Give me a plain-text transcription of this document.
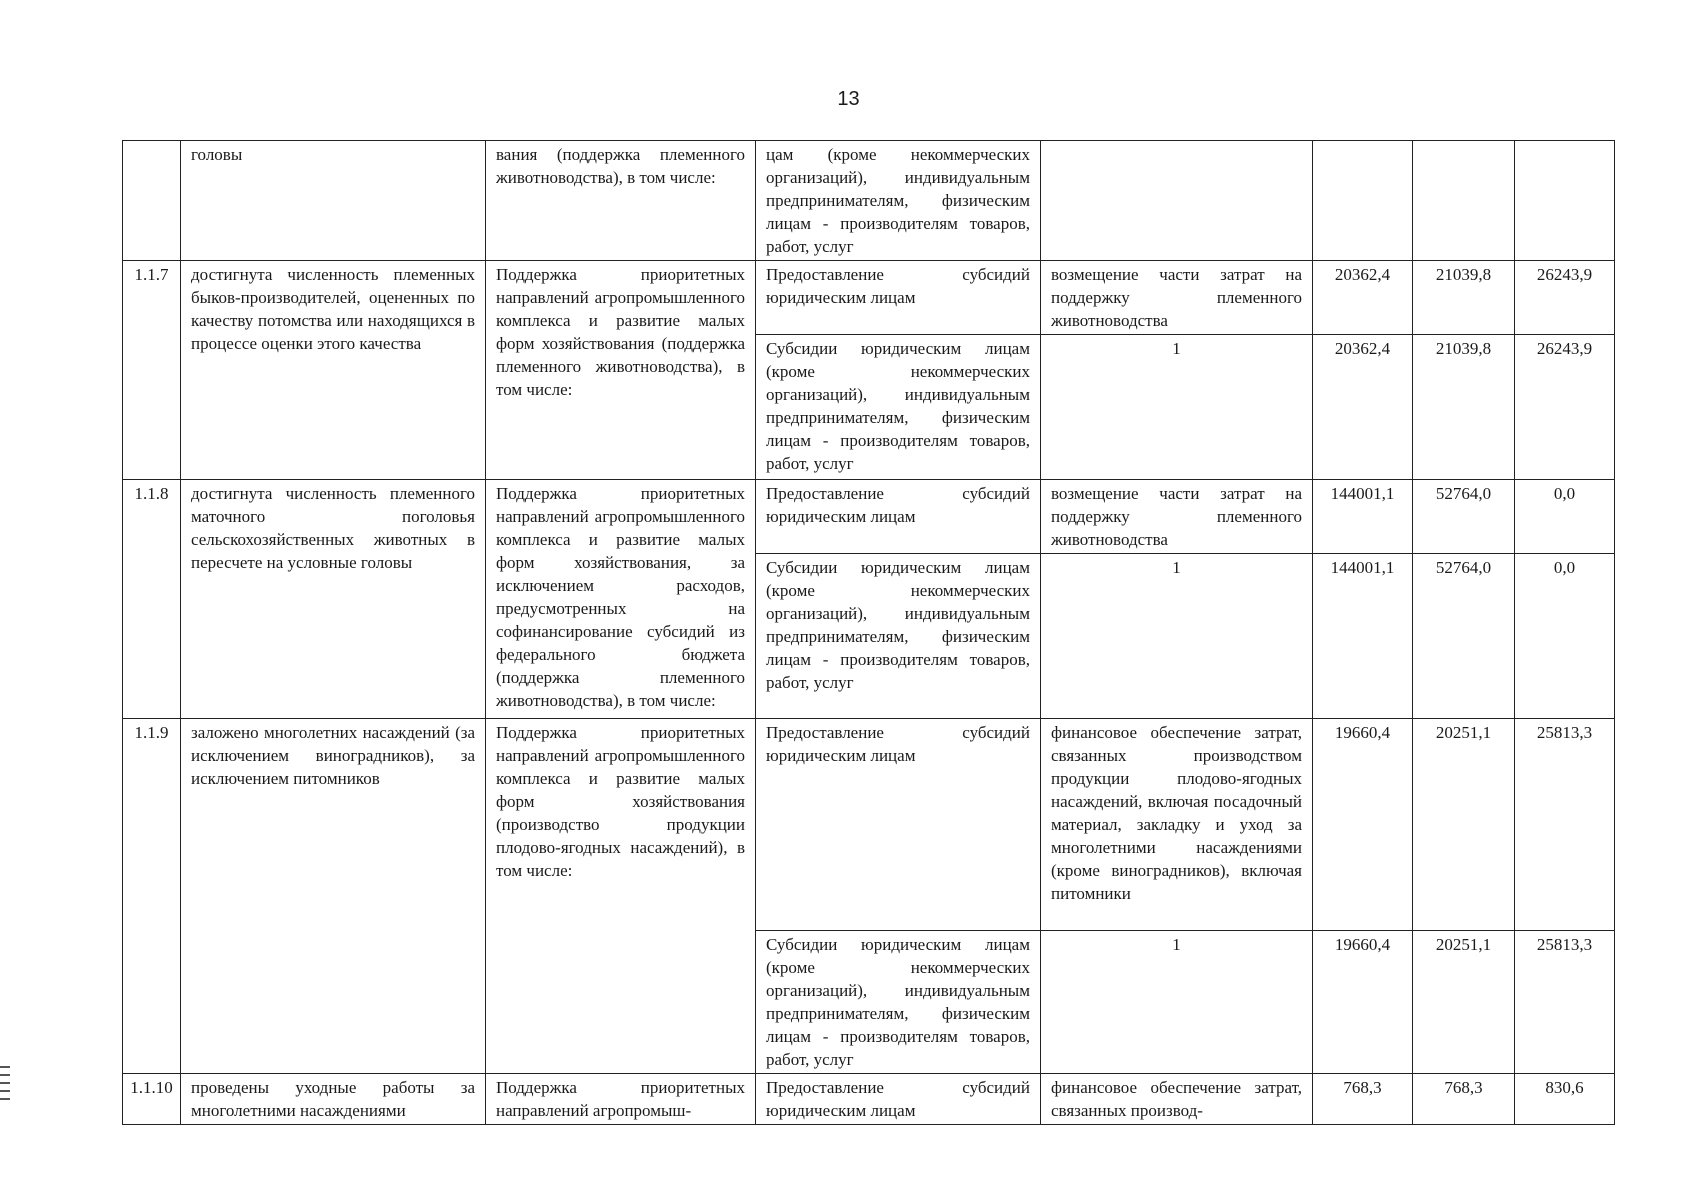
13
	головы	вания (поддержка племенного животноводства), в том числе:	цам (кроме некоммерческих организаций), индивидуальным предпринимателям, физическим лицам - производителям товаров, работ, услуг				
1.1.7	достигнута численность племенных быков-производителей, оцененных по качеству потомства или находящихся в процессе оценки этого качества	Поддержка приоритетных направлений агропромышленного комплекса и развитие малых форм хозяйствования (поддержка племенного животноводства), в том числе:	Предоставление субсидий юридическим лицам	возмещение части затрат на поддержку племенного животноводства	20362,4	21039,8	26243,9
			Субсидии юридическим лицам (кроме некоммерческих организаций), индивидуальным предпринимателям, физическим лицам - производителям товаров, работ, услуг	1	20362,4	21039,8	26243,9
1.1.8	достигнута численность племенного маточного поголовья сельскохозяйственных животных в пересчете на условные головы	Поддержка приоритетных направлений агропромышленного комплекса и развитие малых форм хозяйствования, за исключением расходов, предусмотренных на софинансирование субсидий из федерального бюджета (поддержка племенного животноводства), в том числе:	Предоставление субсидий юридическим лицам	возмещение части затрат на поддержку племенного животноводства	144001,1	52764,0	0,0
			Субсидии юридическим лицам (кроме некоммерческих организаций), индивидуальным предпринимателям, физическим лицам - производителям товаров, работ, услуг	1	144001,1	52764,0	0,0
1.1.9	заложено многолетних насаждений (за исключением виноградников), за исключением питомников	Поддержка приоритетных направлений агропромышленного комплекса и развитие малых форм хозяйствования (производство продукции плодово-ягодных насаждений), в том числе:	Предоставление субсидий юридическим лицам	финансовое обеспечение затрат, связанных производством продукции плодово-ягодных насаждений, включая посадочный материал, закладку и уход за многолетними насаждениями (кроме виноградников), включая питомники	19660,4	20251,1	25813,3
			Субсидии юридическим лицам (кроме некоммерческих организаций), индивидуальным предпринимателям, физическим лицам - производителям товаров, работ, услуг	1	19660,4	20251,1	25813,3
1.1.10	проведены уходные работы за многолетними насаждениями	Поддержка приоритетных направлений агропромыш-	Предоставление субсидий юридическим лицам	финансовое обеспечение затрат, связанных производ-	768,3	768,3	830,6
